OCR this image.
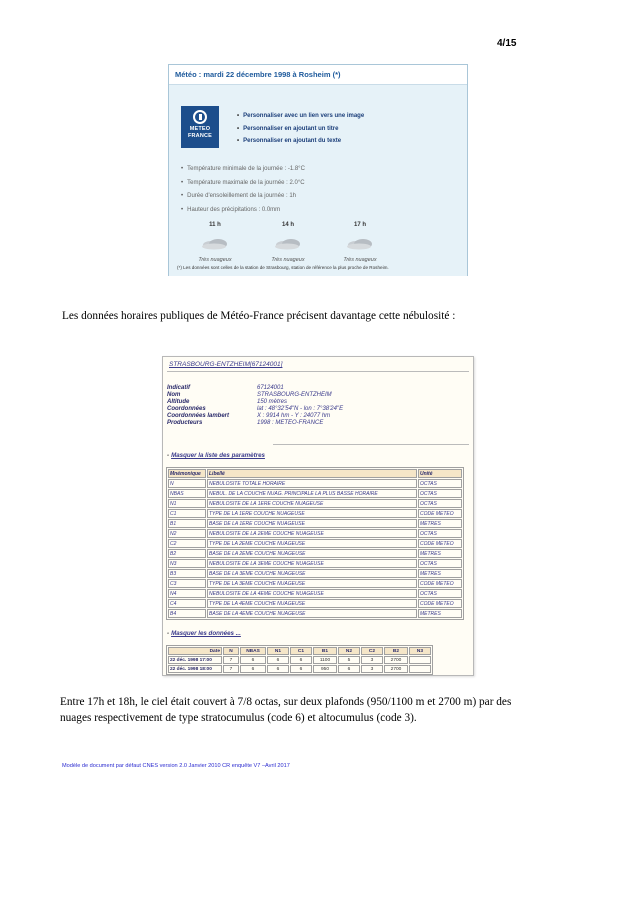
4/15
Météo : mardi 22 décembre 1998 à Rosheim (*)
METEO
FRANCE
• Personnaliser avec un lien vers une image
• Personnaliser en ajoutant un titre
• Personnaliser en ajoutant du texte
• Température minimale de la journée : -1.8°C
• Température maximale de la journée : 2.0°C
• Durée d'ensoleillement de la journée : 1h
• Hauteur des précipitations : 0.0mm
11 h
Très nuageux
14 h
Très nuageux
17 h
Très nuageux
(*) Les données sont celles de la station de Strasbourg, station de référence la plus proche de Rosheim.
Les données horaires publiques de Météo-France précisent davantage cette nébulosité :
STRASBOURG-ENTZHEIM[67124001]
Indicatif	67124001
Nom	STRASBOURG-ENTZHEIM
Altitude	150 mètres
Coordonnées	lat : 48°32'54"N - lon : 7°38'24"E
Coordonnées lambert	X : 9914 hm - Y : 24077 hm
Producteurs	1998 : METEO-FRANCE
- Masquer la liste des paramètres
Mnémonique	Libellé	Unité
N	NEBULOSITE TOTALE HORAIRE	OCTAS
NBAS	NEBUL. DE LA COUCHE NUAG. PRINCIPALE LA PLUS BASSE HORAIRE	OCTAS
N1	NEBULOSITE DE LA 1ERE COUCHE NUAGEUSE	OCTAS
C1	TYPE DE LA 1ERE COUCHE NUAGEUSE	CODE METEO
B1	BASE DE LA 1ERE COUCHE NUAGEUSE	METRES
N2	NEBULOSITE DE LA 2EME COUCHE NUAGEUSE	OCTAS
C2	TYPE DE LA 2EME COUCHE NUAGEUSE	CODE METEO
B2	BASE DE LA 2EME COUCHE NUAGEUSE	METRES
N3	NEBULOSITE DE LA 3EME COUCHE NUAGEUSE	OCTAS
B3	BASE DE LA 3EME COUCHE NUAGEUSE	METRES
C3	TYPE DE LA 3EME COUCHE NUAGEUSE	CODE METEO
N4	NEBULOSITE DE LA 4EME COUCHE NUAGEUSE	OCTAS
C4	TYPE DE LA 4EME COUCHE NUAGEUSE	CODE METEO
B4	BASE DE LA 4EME COUCHE NUAGEUSE	METRES
- Masquer les données ...
Date	N	NBAS	N1	C1	B1	N2	C2	B2	N3
22 déc. 1998 17:00	7	6	6	6	1100	5	3	2700	
22 déc. 1998 18:00	7	6	6	6	950	6	3	2700	
Entre 17h et 18h, le ciel était couvert à 7/8 octas, sur deux plafonds (950/1100 m et 2700 m) par des
nuages respectivement de type stratocumulus (code 6) et altocumulus (code 3).
Modèle de document par défaut CNES version 2.0 Janvier 2010 CR enquête V7 –Avril 2017
